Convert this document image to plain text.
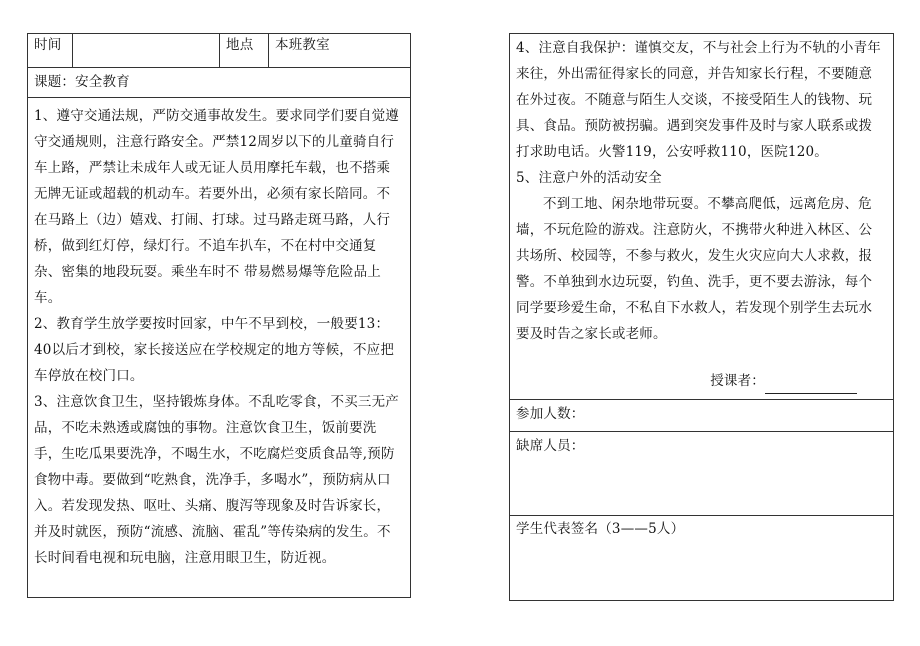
时间		地点	本班教室
课题：安全教育

1、遵守交通法规，严防交通事故发生。要求同学们要自觉遵守交通规则，注意行路安全。严禁12周岁以下的儿童骑自行车上路，严禁让未成年人或无证人员用摩托车载，也不搭乘无牌无证或超载的机动车。若要外出，必须有家长陪同。不在马路上（边）嬉戏、打闹、打球。过马路走斑马路，人行桥，做到红灯停，绿灯行。不追车扒车，不在村中交通复杂、密集的地段玩耍。乘坐车时不 带易燃易爆等危险品上车。

2、教育学生放学要按时回家，中午不早到校，一般要13：40以后才到校，家长接送应在学校规定的地方等候，不应把车停放在校门口。

3、注意饮食卫生，坚持锻炼身体。不乱吃零食，不买三无产品，不吃未熟透或腐蚀的事物。注意饮食卫生，饭前要洗手，生吃瓜果要洗净，不喝生水，不吃腐烂变质食品等,预防食物中毒。要做到“吃熟食，洗净手，多喝水”，预防病从口入。若发现发热、呕吐、头痛、腹泻等现象及时告诉家长，并及时就医，预防“流感、流脑、霍乱”等传染病的发生。不长时间看电视和玩电脑，注意用眼卫生，防近视。

4、注意自我保护：谨慎交友，不与社会上行为不轨的小青年来往，外出需征得家长的同意，并告知家长行程，不要随意在外过夜。不随意与陌生人交谈，不接受陌生人的钱物、玩具、食品。预防被拐骗。遇到突发事件及时与家人联系或拨打求助电话。火警119，公安呼救110，医院120。

5、注意户外的活动安全

不到工地、闲杂地带玩耍。不攀高爬低，远离危房、危墙，不玩危险的游戏。注意防火，不携带火种进入林区、公共场所、校园等，不参与救火，发生火灾应向大人求救，报警。不单独到水边玩耍，钓鱼、洗手，更不要去游泳，每个同学要珍爱生命，不私自下水救人，若发现个别学生去玩水要及时告之家长或老师。

授课者：

参加人数：
缺席人员：
学生代表签名（3——5人）
